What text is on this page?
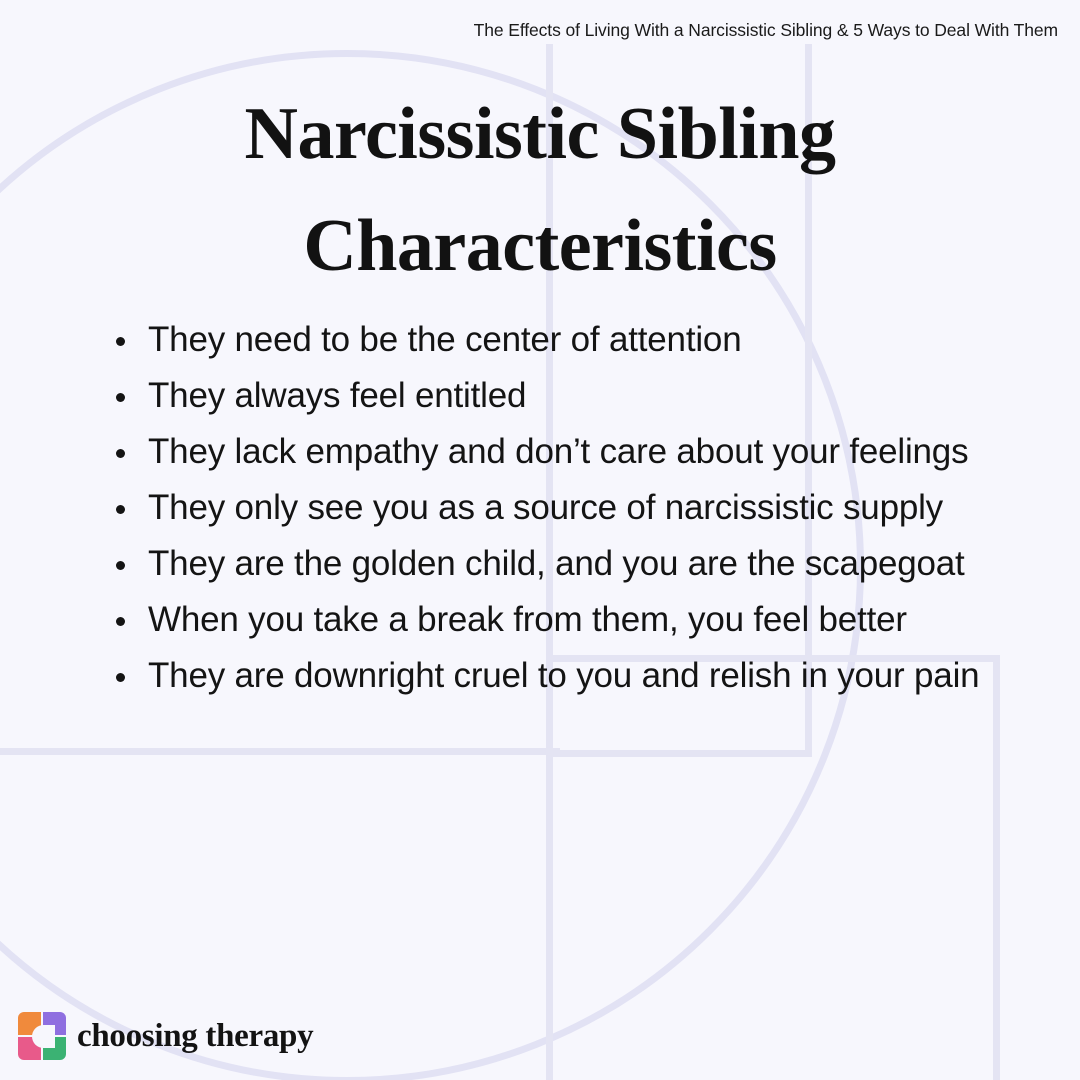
The Effects of Living With a Narcissistic Sibling & 5 Ways to Deal With Them
Narcissistic Sibling Characteristics
They need to be the center of attention
They always feel entitled
They lack empathy and don’t care about your feelings
They only see you as a source of narcissistic supply
They are the golden child, and you are the scapegoat
When you take a break from them, you feel better
They are downright cruel to you and relish in your pain
choosing therapy
